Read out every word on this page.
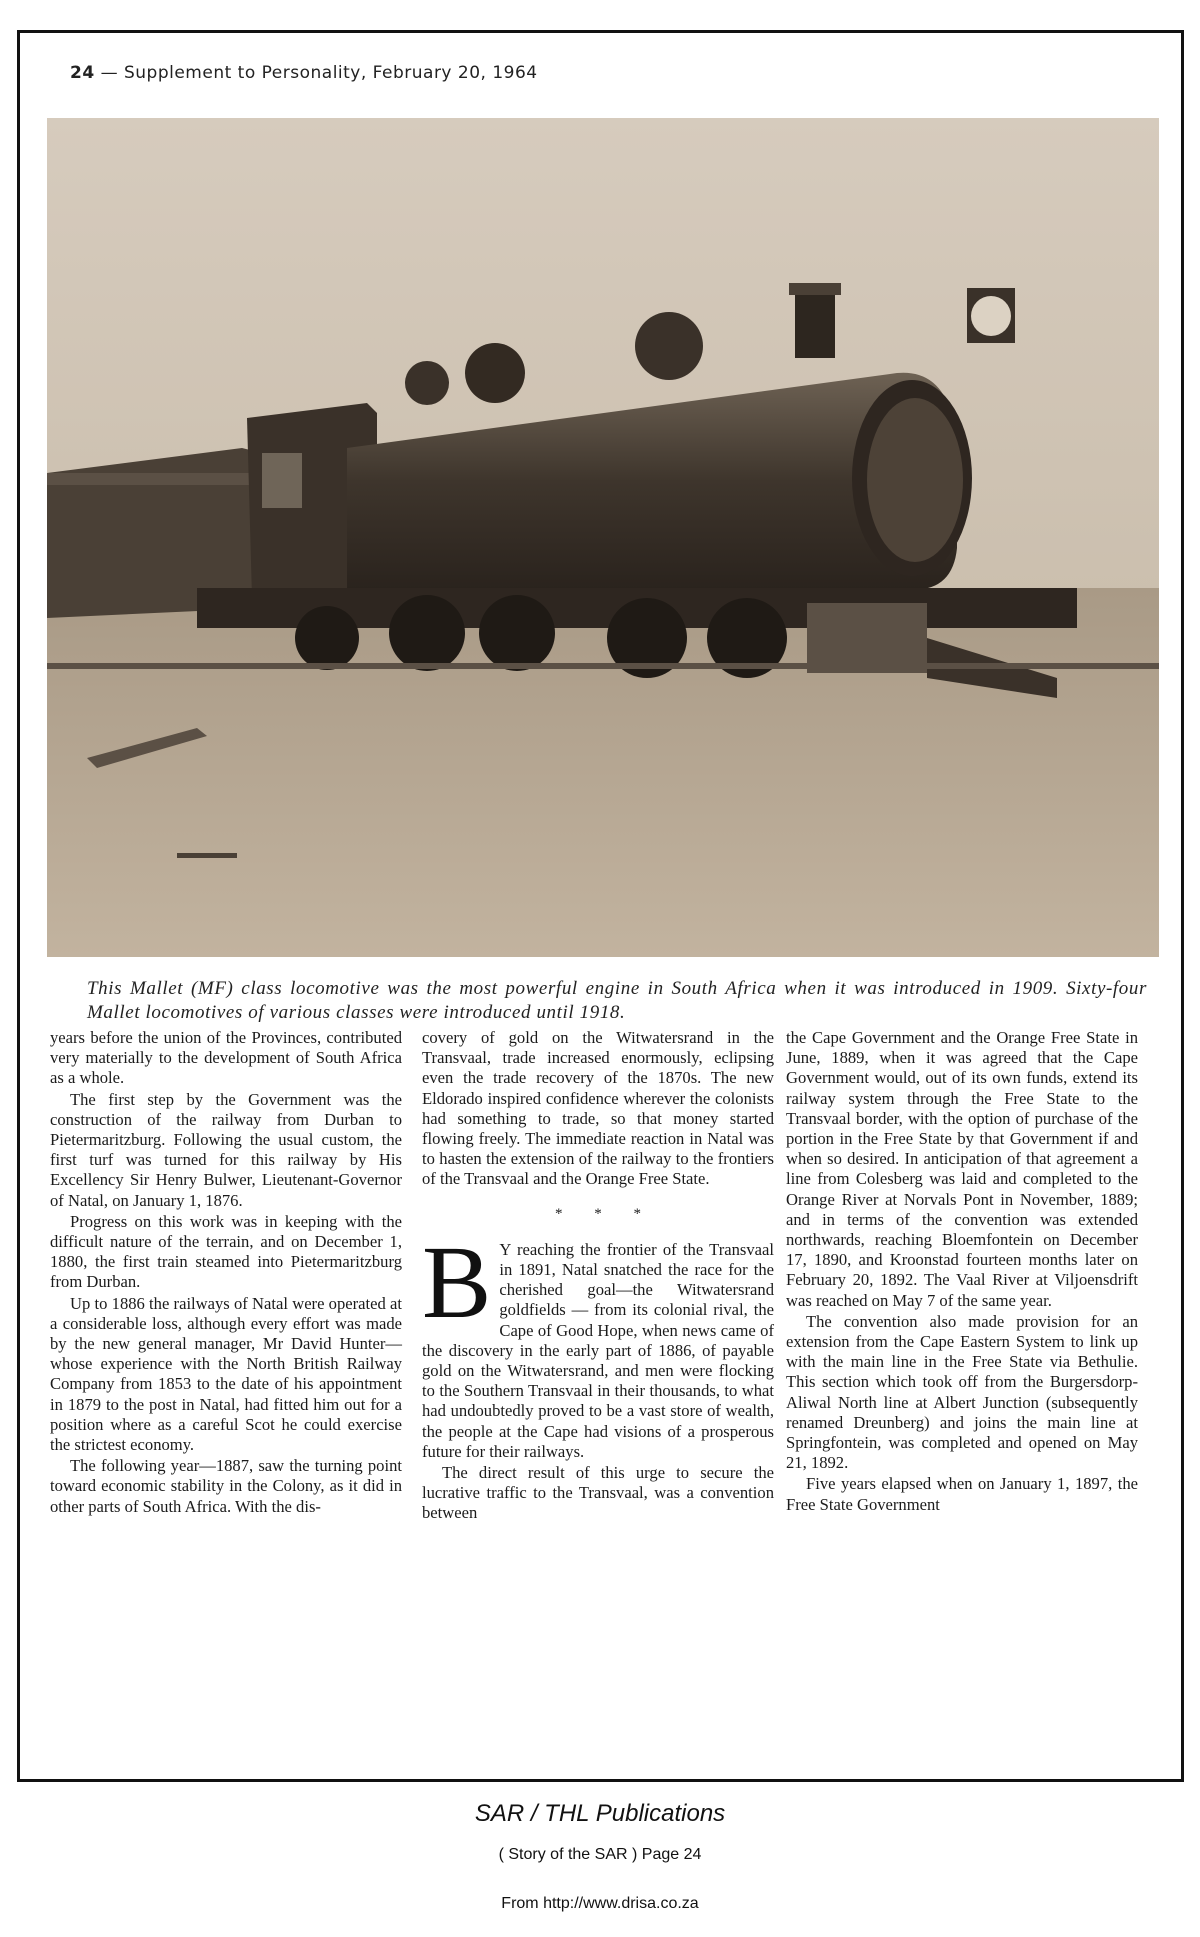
24 — Supplement to Personality, February 20, 1964
This Mallet (MF) class locomotive was the most powerful engine in South Africa when it was introduced in 1909. Sixty-four Mallet locomotives of various classes were introduced until 1918.

years before the union of the Provinces, contributed very materially to the development of South Africa as a whole.

The first step by the Government was the construction of the railway from Durban to Pietermaritzburg. Following the usual custom, the first turf was turned for this railway by His Excellency Sir Henry Bulwer, Lieutenant-Governor of Natal, on January 1, 1876.

Progress on this work was in keeping with the difficult nature of the terrain, and on December 1, 1880, the first train steamed into Pietermaritzburg from Durban.

Up to 1886 the railways of Natal were operated at a considerable loss, although every effort was made by the new general manager, Mr David Hunter—whose experience with the North British Railway Company from 1853 to the date of his appointment in 1879 to the post in Natal, had fitted him out for a position where as a careful Scot he could exercise the strictest economy.

The following year—1887, saw the turning point toward economic stability in the Colony, as it did in other parts of South Africa. With the dis-

covery of gold on the Witwatersrand in the Transvaal, trade increased enormously, eclipsing even the trade recovery of the 1870s. The new Eldorado inspired confidence wherever the colonists had something to trade, so that money started flowing freely. The immediate reaction in Natal was to hasten the extension of the railway to the frontiers of the Transvaal and the Orange Free State.

* * *

B Y reaching the frontier of the Transvaal in 1891, Natal snatched the race for the cherished goal—the Witwatersrand goldfields — from its colonial rival, the Cape of Good Hope, when news came of the discovery in the early part of 1886, of payable gold on the Witwatersrand, and men were flocking to the Southern Transvaal in their thousands, to what had undoubtedly proved to be a vast store of wealth, the people at the Cape had visions of a prosperous future for their railways.

The direct result of this urge to secure the lucrative traffic to the Transvaal, was a convention between

the Cape Government and the Orange Free State in June, 1889, when it was agreed that the Cape Government would, out of its own funds, extend its railway system through the Free State to the Transvaal border, with the option of purchase of the portion in the Free State by that Government if and when so desired. In anticipation of that agreement a line from Colesberg was laid and completed to the Orange River at Norvals Pont in November, 1889; and in terms of the convention was extended northwards, reaching Bloemfontein on December 17, 1890, and Kroonstad fourteen months later on February 20, 1892. The Vaal River at Viljoensdrift was reached on May 7 of the same year.

The convention also made provision for an extension from the Cape Eastern System to link up with the main line in the Free State via Bethulie. This section which took off from the Burgersdorp-Aliwal North line at Albert Junction (subsequently renamed Dreunberg) and joins the main line at Springfontein, was completed and opened on May 21, 1892.

Five years elapsed when on January 1, 1897, the Free State Government

SAR / THL Publications
( Story of the SAR ) Page 24
From http://www.drisa.co.za
